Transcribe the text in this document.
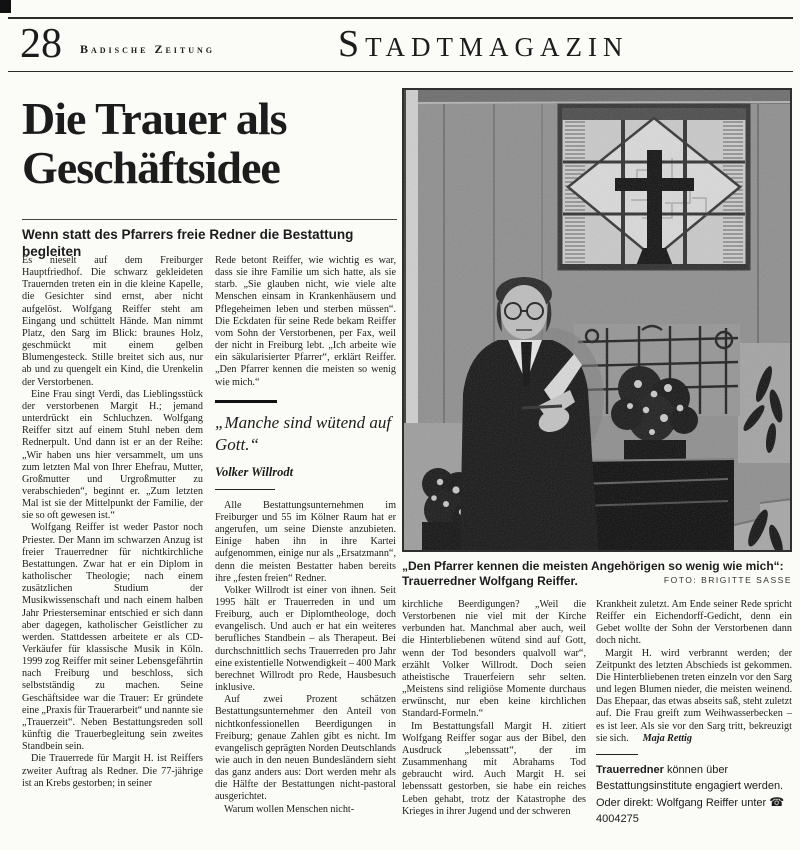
28 Badische Zeitung	Stadtmagazin
Die Trauer als Geschäftsidee
Wenn statt des Pfarrers freie Redner die Bestattung begleiten

Es nieselt auf dem Freiburger Hauptfriedhof. Die schwarz gekleideten Trauernden treten ein in die kleine Kapelle, die Gesichter sind ernst, aber nicht aufgelöst. Wolfgang Reiffer steht am Eingang und schüttelt Hände. Man nimmt Platz, den Sarg im Blick: braunes Holz, geschmückt mit einem gelben Blumengesteck. Stille breitet sich aus, nur ab und zu quengelt ein Kind, die Urenkelin der Verstorbenen.

Eine Frau singt Verdi, das Lieblingsstück der verstorbenen Margit H.; jemand unterdrückt ein Schluchzen. Wolfgang Reiffer sitzt auf einem Stuhl neben dem Rednerpult. Und dann ist er an der Reihe: „Wir haben uns hier versammelt, um uns zum letzten Mal von Ihrer Ehefrau, Mutter, Großmutter und Urgroßmutter zu verabschieden“, beginnt er. „Zum letzten Mal ist sie der Mittelpunkt der Familie, der sie so oft gewesen ist.“

Wolfgang Reiffer ist weder Pastor noch Priester. Der Mann im schwarzen Anzug ist freier Trauerredner für nichtkirchliche Bestattungen. Zwar hat er ein Diplom in katholischer Theologie; nach einem zusätzlichen Studium der Musikwissenschaft und nach einem halben Jahr Priesterseminar entschied er sich dann aber dagegen, katholischer Geistlicher zu werden. Stattdessen arbeitete er als CD-Verkäufer für klassische Musik in Köln. 1999 zog Reiffer mit seiner Lebensgefährtin nach Freiburg und beschloss, sich selbstständig zu machen. Seine Geschäftsidee war die Trauer: Er gründete eine „Praxis für Trauerarbeit“ und nannte sie „Trauerzeit“. Neben Bestattungsreden soll künftig die Trauerbegleitung sein zweites Standbein sein.

Die Trauerrede für Margit H. ist Reiffers zweiter Auftrag als Redner. Die 77-jährige ist an Krebs gestorben; in seiner

Rede betont Reiffer, wie wichtig es war, dass sie ihre Familie um sich hatte, als sie starb. „Sie glauben nicht, wie viele alte Menschen einsam in Krankenhäusern und Pflegeheimen leben und sterben müssen“. Die Eckdaten für seine Rede bekam Reiffer vom Sohn der Verstorbenen, per Fax, weil der nicht in Freiburg lebt. „Ich arbeite wie ein säkularisierter Pfarrer“, erklärt Reiffer. „Den Pfarrer kennen die meisten so wenig wie mich.“

„Manche sind wütend auf Gott.“
Volker Willrodt

Alle Bestattungsunternehmen im Freiburger und 55 im Kölner Raum hat er angerufen, um seine Dienste anzubieten. Einige haben ihn in ihre Kartei aufgenommen, einige nur als „Ersatzmann“, denn die meisten Bestatter haben bereits ihre „festen freien“ Redner.

Volker Willrodt ist einer von ihnen. Seit 1995 hält er Trauerreden in und um Freiburg, auch er Diplomtheologe, doch evangelisch. Und auch er hat ein weiteres berufliches Standbein – als Therapeut. Bei durchschnittlich sechs Trauerreden pro Jahr eine existentielle Notwendigkeit – 400 Mark berechnet Willrodt pro Rede, Hausbesuch inklusive.

Auf zwei Prozent schätzen Bestattungsunternehmer den Anteil von nichtkonfessionellen Beerdigungen in Freiburg; genaue Zahlen gibt es nicht. Im evangelisch geprägten Norden Deutschlands wie auch in den neuen Bundesländern sieht das ganz anders aus: Dort werden mehr als die Hälfte der Bestattungen nicht-pastoral ausgerichtet.

Warum wollen Menschen nicht-

„Den Pfarrer kennen die meisten Angehörigen so wenig wie mich“: Trauerredner Wolfgang Reiffer.	FOTO: BRIGITTE SASSE

kirchliche Beerdigungen? „Weil die Verstorbenen nie viel mit der Kirche verbunden hat. Manchmal aber auch, weil die Hinterbliebenen wütend sind auf Gott, wenn der Tod besonders qualvoll war“, erzählt Volker Willrodt. Doch seien atheistische Trauerfeiern sehr selten. „Meistens sind religiöse Momente durchaus erwünscht, nur eben keine kirchlichen Standard-Formeln.“

Im Bestattungsfall Margit H. zitiert Wolfgang Reiffer sogar aus der Bibel, den Ausdruck „lebenssatt“, der im Zusammenhang mit Abrahams Tod gebraucht wird. Auch Margit H. sei lebenssatt gestorben, sie habe ein reiches Leben gehabt, trotz der Katastrophe des Krieges in ihrer Jugend und der schweren

Krankheit zuletzt. Am Ende seiner Rede spricht Reiffer ein Eichendorff-Gedicht, denn ein Gebet wollte der Sohn der Verstorbenen dann doch nicht.

Margit H. wird verbrannt werden; der Zeitpunkt des letzten Abschieds ist gekommen. Die Hinterbliebenen treten einzeln vor den Sarg und legen Blumen nieder, die meisten weinend. Das Ehepaar, das etwas abseits saß, steht zuletzt auf. Die Frau greift zum Weihwasserbecken – es ist leer. Als sie vor den Sarg tritt, bekreuzigt sie sich. Maja Rettig

Trauerredner können über Bestattungsinstitute engagiert werden. Oder direkt: Wolfgang Reiffer unter ☎ 4004275
